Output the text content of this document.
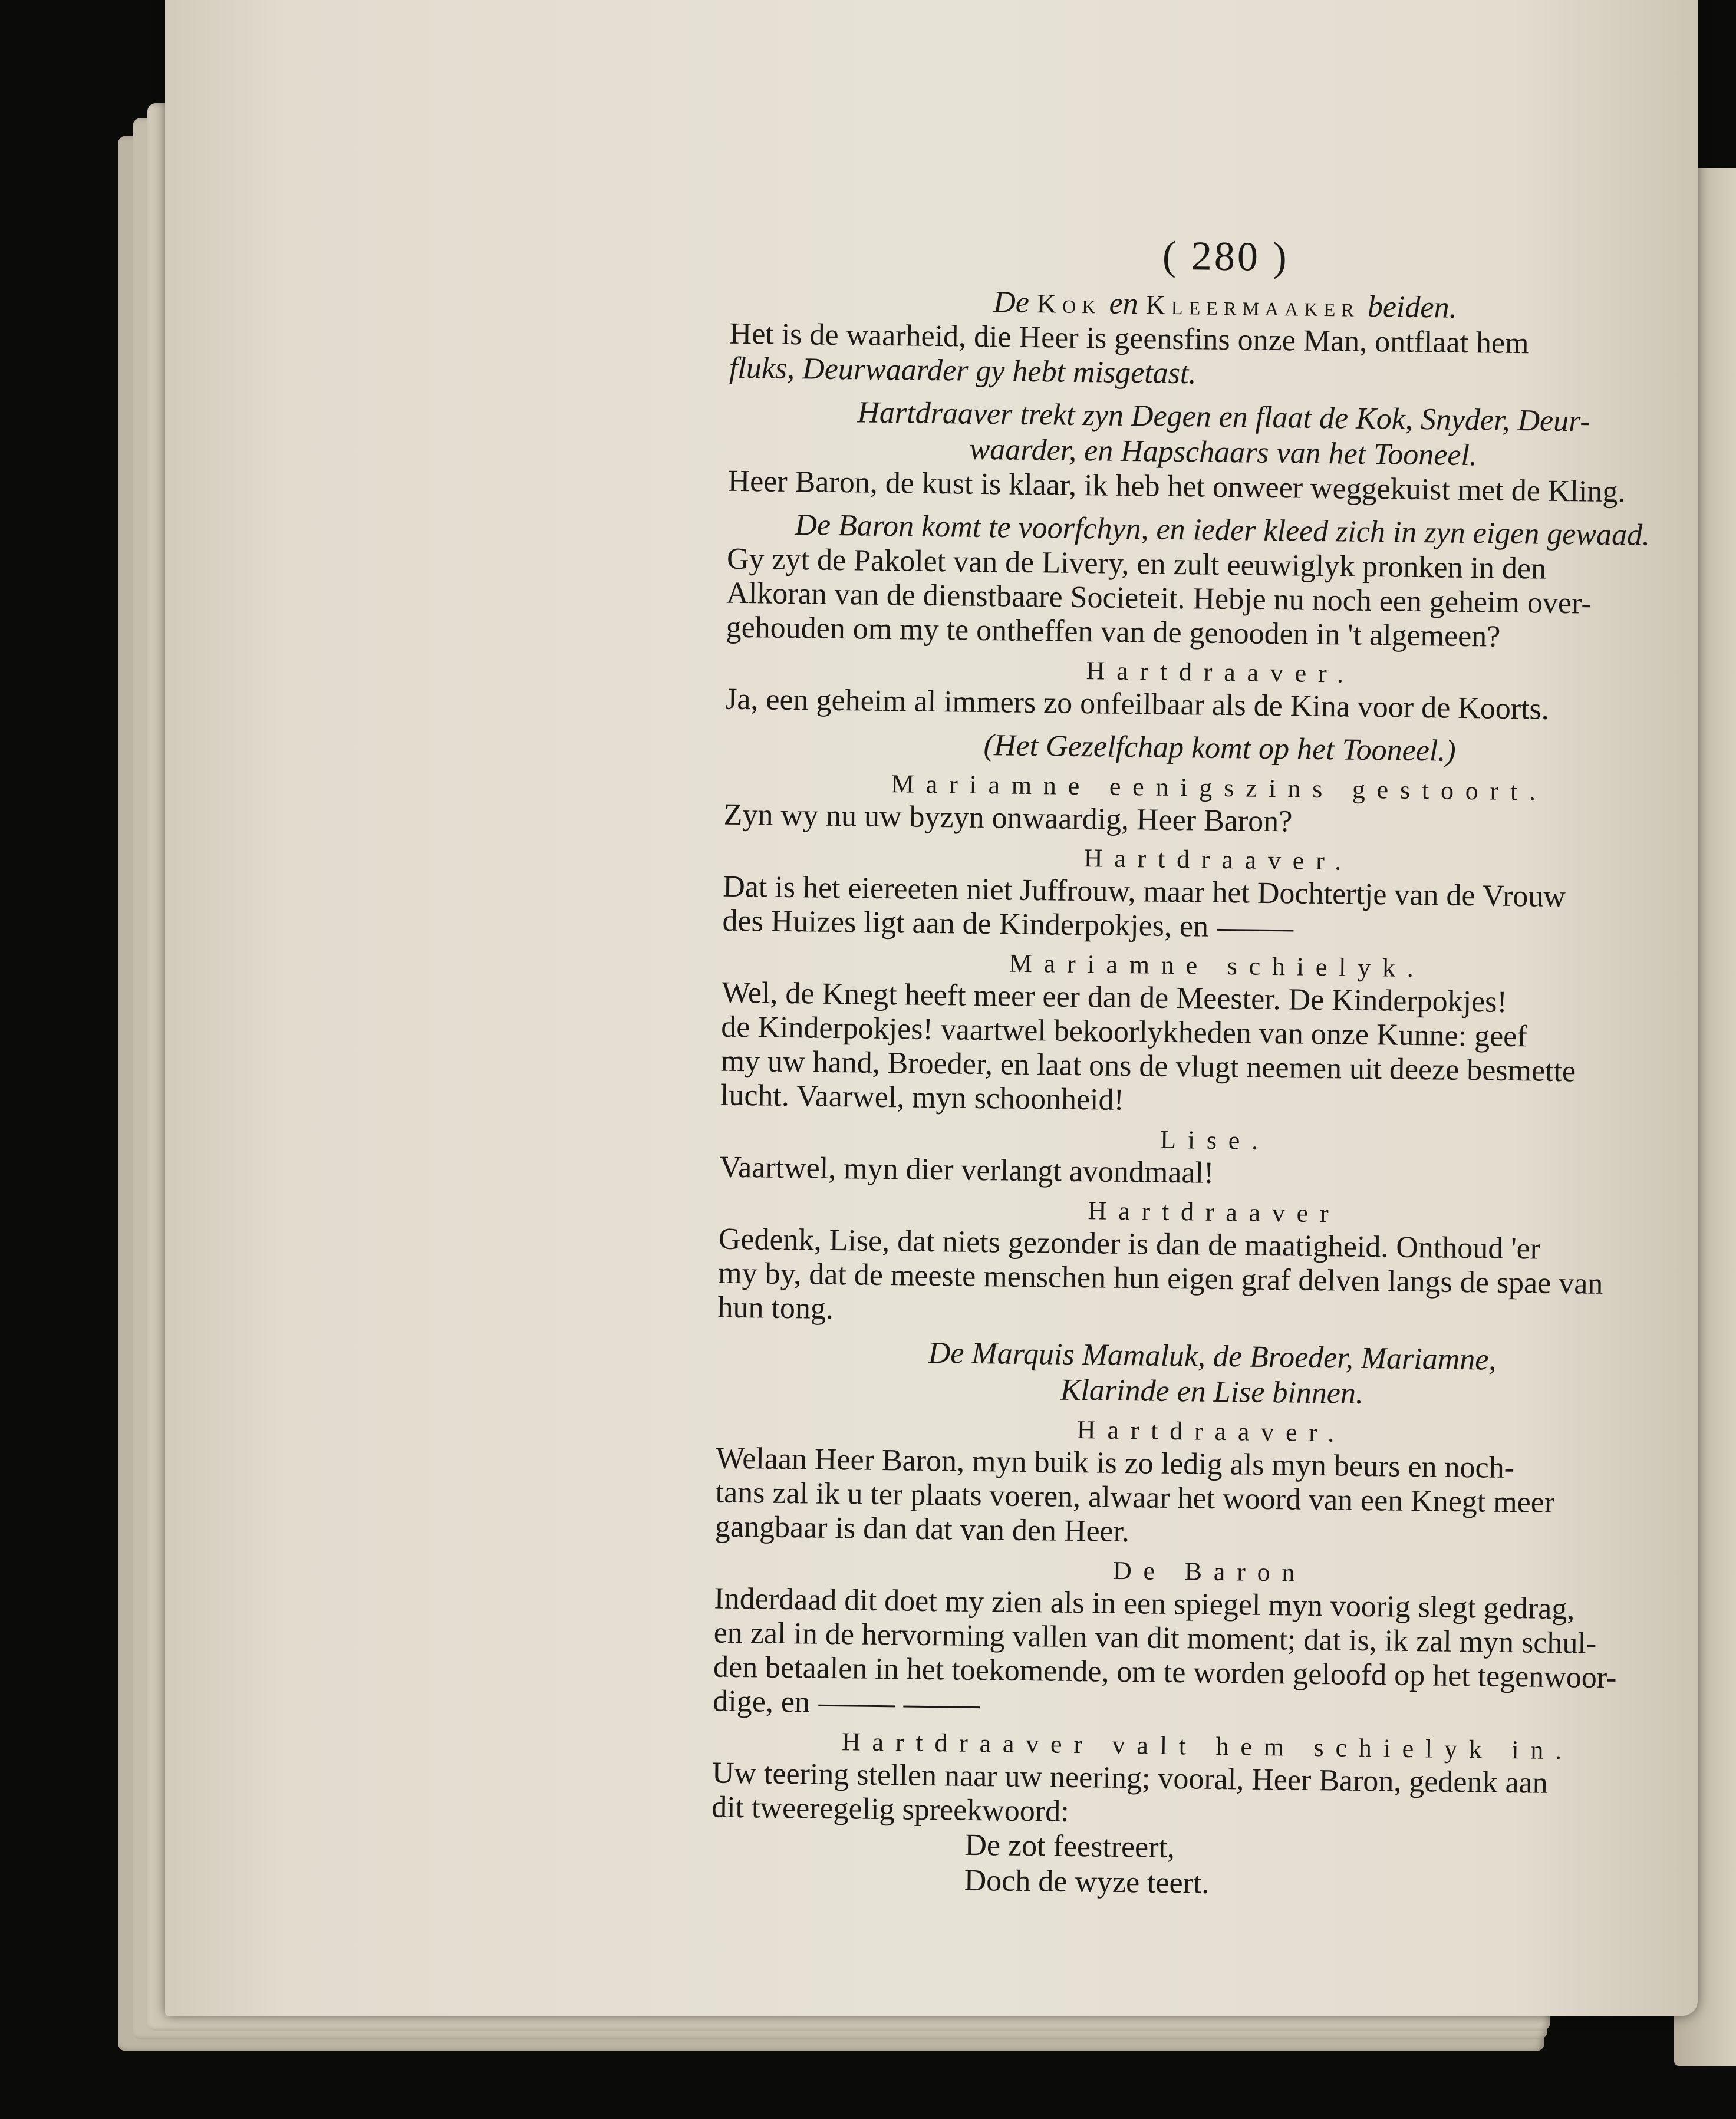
( 280 )
De Kok en Kleermaaker beiden.
Het is de waarheid, die Heer is geensfins onze Man, ontflaat hem
fluks, Deurwaarder gy hebt misgetast.
Hartdraaver trekt zyn Degen en flaat de Kok, Snyder, Deur-
waarder, en Hapschaars van het Tooneel.
Heer Baron, de kust is klaar, ik heb het onweer weggekuist met de Kling.
De Baron komt te voorfchyn, en ieder kleed zich in zyn eigen gewaad.
Gy zyt de Pakolet van de Livery, en zult eeuwiglyk pronken in den
Alkoran van de dienstbaare Societeit. Hebje nu noch een geheim over-
gehouden om my te ontheffen van de genooden in 't algemeen?
Hartdraaver.
Ja, een geheim al immers zo onfeilbaar als de Kina voor de Koorts.
(Het Gezelfchap komt op het Tooneel.)
Mariamne eenigszins gestoort.
Zyn wy nu uw byzyn onwaardig, Heer Baron?
Hartdraaver.
Dat is het eiereeten niet Juffrouw, maar het Dochtertje van de Vrouw
des Huizes ligt aan de Kinderpokjes, en
Mariamne schielyk.
Wel, de Knegt heeft meer eer dan de Meester. De Kinderpokjes!
de Kinderpokjes! vaartwel bekoorlykheden van onze Kunne: geef
my uw hand, Broeder, en laat ons de vlugt neemen uit deeze besmette
lucht. Vaarwel, myn schoonheid!
Lise.
Vaartwel, myn dier verlangt avondmaal!
Hartdraaver
Gedenk, Lise, dat niets gezonder is dan de maatigheid. Onthoud 'er
my by, dat de meeste menschen hun eigen graf delven langs de spae van
hun tong.
De Marquis Mamaluk, de Broeder, Mariamne,
Klarinde en Lise binnen.
Hartdraaver.
Welaan Heer Baron, myn buik is zo ledig als myn beurs en noch-
tans zal ik u ter plaats voeren, alwaar het woord van een Knegt meer
gangbaar is dan dat van den Heer.
De Baron
Inderdaad dit doet my zien als in een spiegel myn voorig slegt gedrag,
en zal in de hervorming vallen van dit moment; dat is, ik zal myn schul-
den betaalen in het toekomende, om te worden geloofd op het tegenwoor-
dige, en
Hartdraaver valt hem schielyk in.
Uw teering stellen naar uw neering; vooral, Heer Baron, gedenk aan
dit tweeregelig spreekwoord:
De zot feestreert,
Doch de wyze teert.
